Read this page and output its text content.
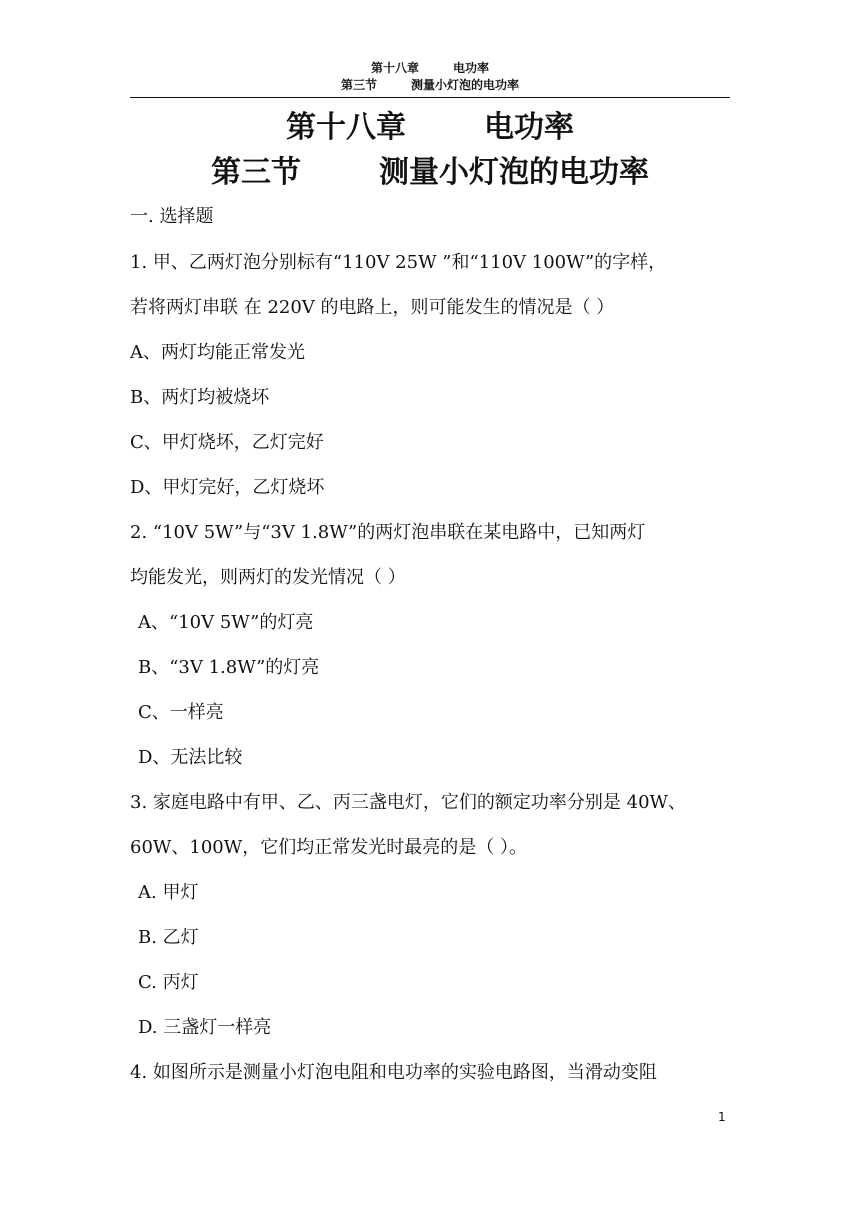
第十八章	电功率
第三节	测量小灯泡的电功率
第十八章	电功率
第三节	测量小灯泡的电功率
一. 选择题
1. 甲、乙两灯泡分别标有“110V 25W ”和“110V 100W”的字样，
若将两灯串联 在 220V 的电路上，则可能发生的情况是（ ）
A、两灯均能正常发光
B、两灯均被烧坏
C、甲灯烧坏，乙灯完好
D、甲灯完好，乙灯烧坏
2. “10V 5W”与“3V 1.8W”的两灯泡串联在某电路中，已知两灯
均能发光，则两灯的发光情况（ ）
A、“10V 5W”的灯亮
B、“3V 1.8W”的灯亮
C、一样亮
D、无法比较
3. 家庭电路中有甲、乙、丙三盏电灯，它们的额定功率分别是 40W、
60W、100W，它们均正常发光时最亮的是（ ）。
A. 甲灯
B. 乙灯
C. 丙灯
D. 三盏灯一样亮
4. 如图所示是测量小灯泡电阻和电功率的实验电路图，当滑动变阻
1
